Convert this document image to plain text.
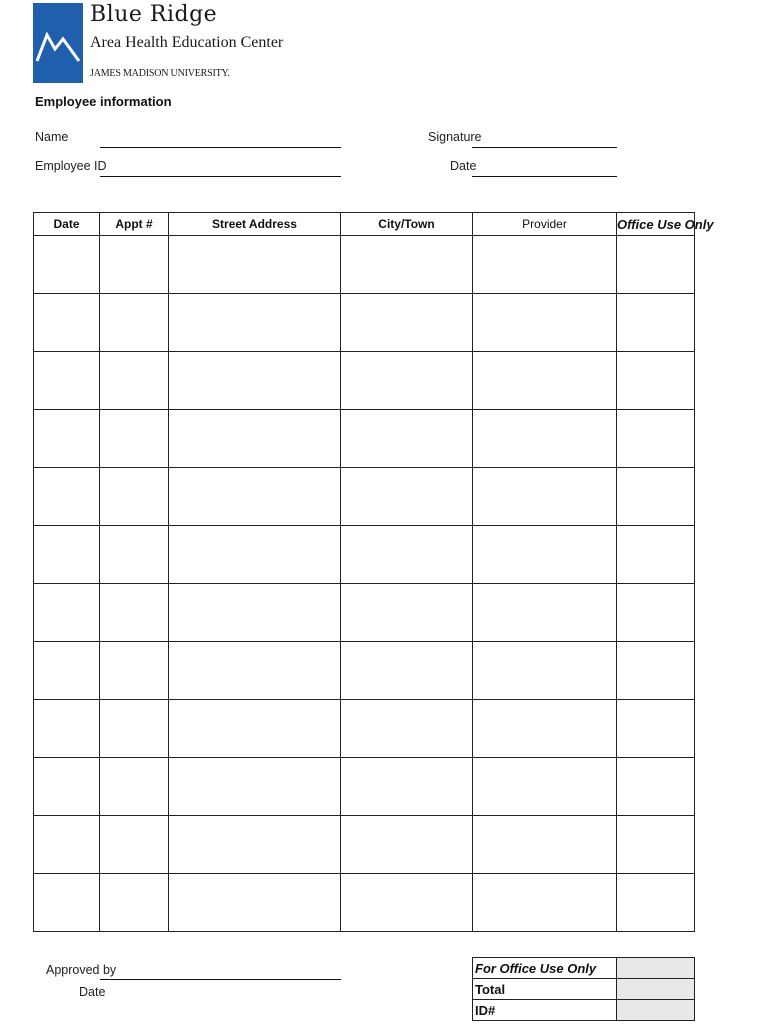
Blue Ridge
Area Health Education Center
JAMES MADISON UNIVERSITY.
Employee information
Name
Employee ID
Signature
Date
Date	Appt #	Street Address	City/Town	Provider	Office Use Only

Approved by
Date
For Office Use Only	
Total	
ID#	
